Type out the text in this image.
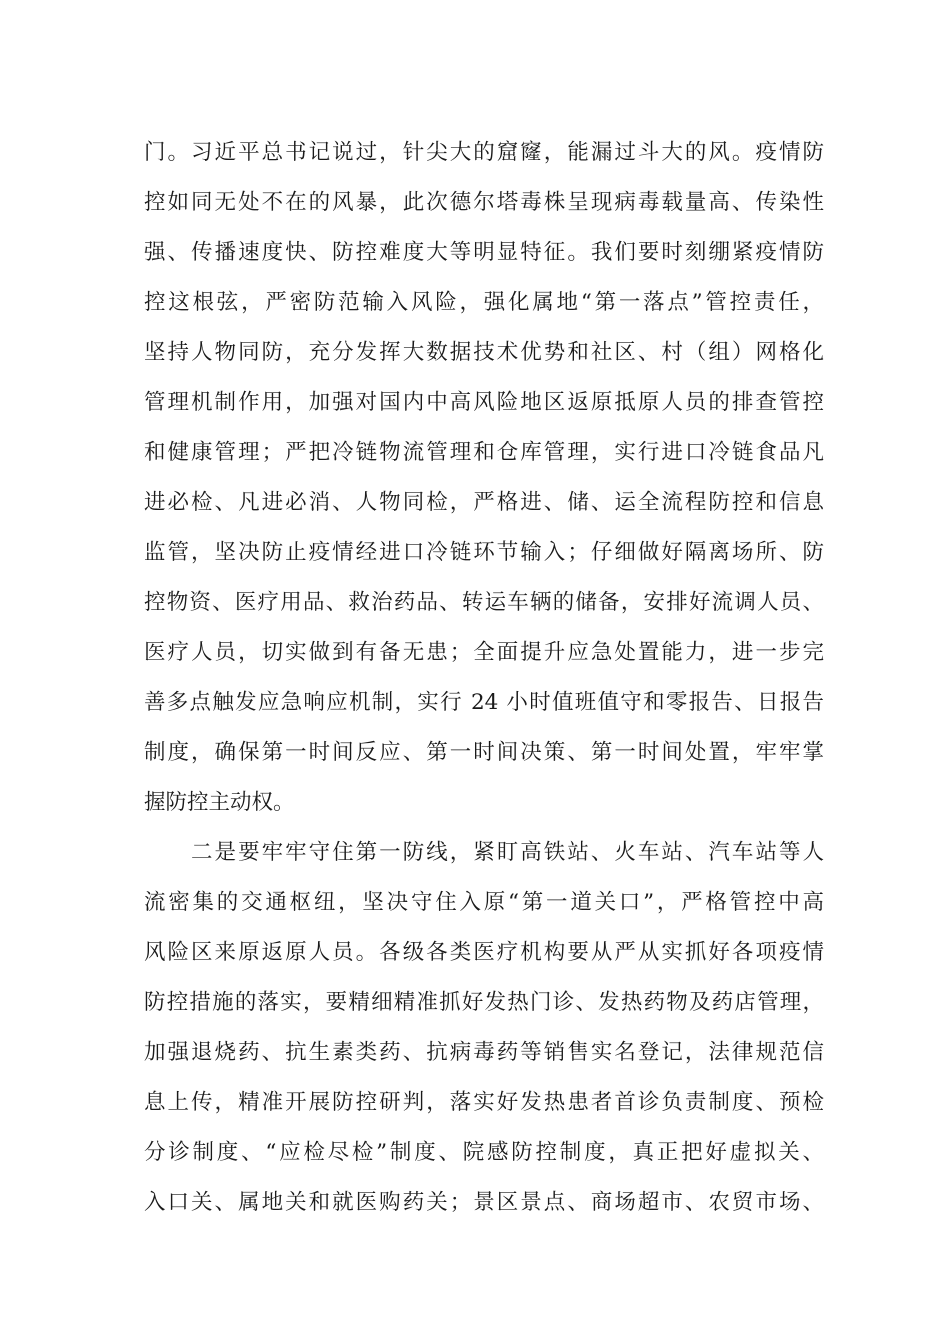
门。习近平总书记说过，针尖大的窟窿，能漏过斗大的风。疫情防
控如同无处不在的风暴，此次德尔塔毒株呈现病毒载量高、传染性
强、传播速度快、防控难度大等明显特征。我们要时刻绷紧疫情防
控这根弦，严密防范输入风险，强化属地“第一落点”管控责任，
坚持人物同防，充分发挥大数据技术优势和社区、村（组）网格化
管理机制作用，加强对国内中高风险地区返原抵原人员的排查管控
和健康管理；严把冷链物流管理和仓库管理，实行进口冷链食品凡
进必检、凡进必消、人物同检，严格进、储、运全流程防控和信息
监管，坚决防止疫情经进口冷链环节输入；仔细做好隔离场所、防
控物资、医疗用品、救治药品、转运车辆的储备，安排好流调人员、
医疗人员，切实做到有备无患；全面提升应急处置能力，进一步完
善多点触发应急响应机制，实行 24 小时值班值守和零报告、日报告
制度，确保第一时间反应、第一时间决策、第一时间处置，牢牢掌
握防控主动权。
　　二是要牢牢守住第一防线，紧盯高铁站、火车站、汽车站等人
流密集的交通枢纽，坚决守住入原“第一道关口”，严格管控中高
风险区来原返原人员。各级各类医疗机构要从严从实抓好各项疫情
防控措施的落实，要精细精准抓好发热门诊、发热药物及药店管理，
加强退烧药、抗生素类药、抗病毒药等销售实名登记，法律规范信
息上传，精准开展防控研判，落实好发热患者首诊负责制度、预检
分诊制度、“应检尽检”制度、院感防控制度，真正把好虚拟关、
入口关、属地关和就医购药关；景区景点、商场超市、农贸市场、
